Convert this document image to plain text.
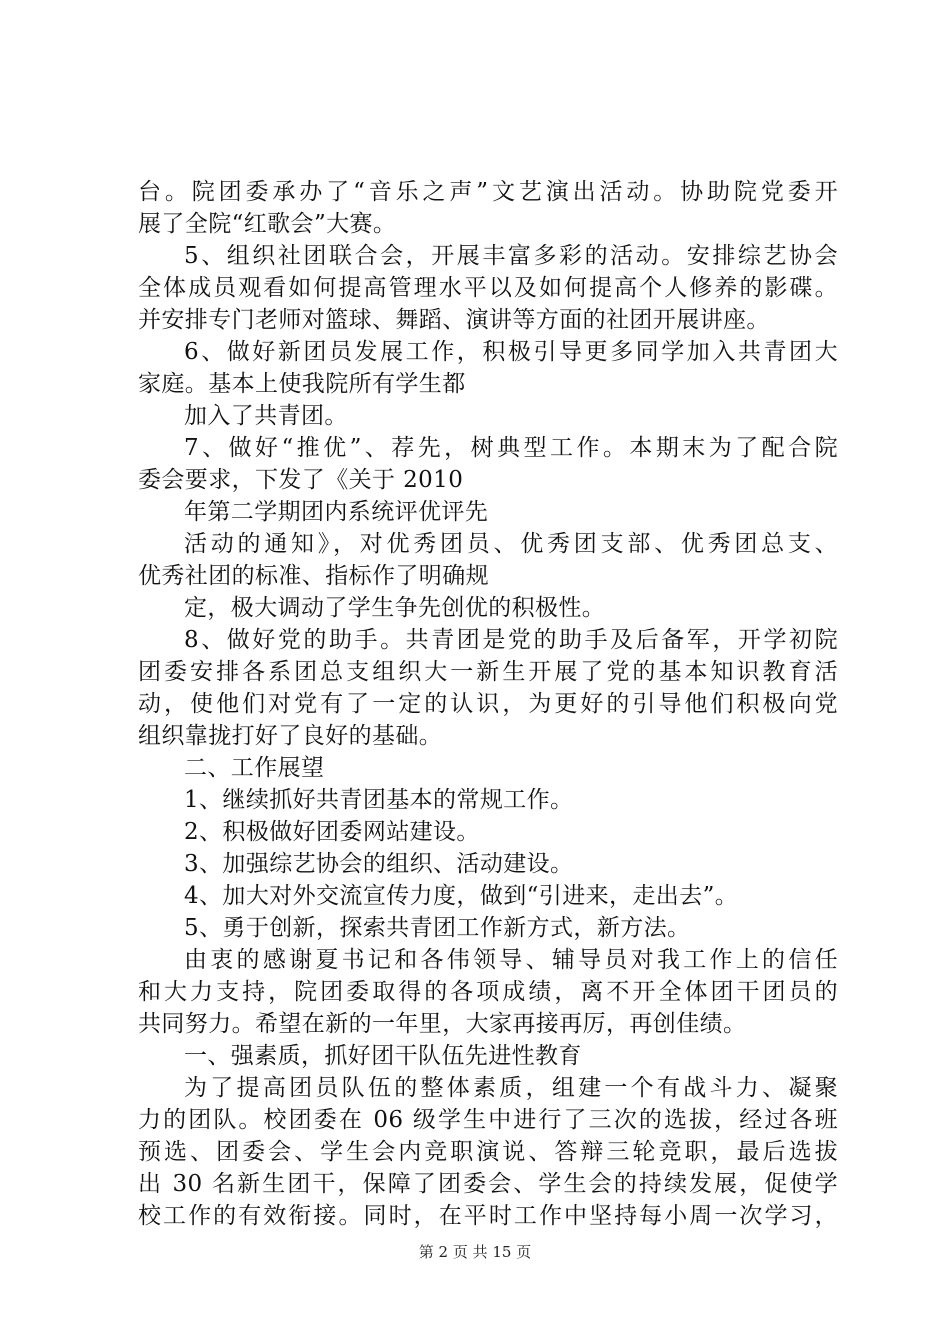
台。院团委承办了“音乐之声”文艺演出活动。协助院党委开
展了全院“红歌会”大赛。
5、组织社团联合会，开展丰富多彩的活动。安排综艺协会
全体成员观看如何提高管理水平以及如何提高个人修养的影碟。
并安排专门老师对篮球、舞蹈、演讲等方面的社团开展讲座。
6、做好新团员发展工作，积极引导更多同学加入共青团大
家庭。基本上使我院所有学生都
加入了共青团。
7、做好“推优”、荐先，树典型工作。本期末为了配合院
委会要求，下发了《关于 2010
年第二学期团内系统评优评先
活动的通知》，对优秀团员、优秀团支部、优秀团总支、
优秀社团的标准、指标作了明确规
定，极大调动了学生争先创优的积极性。
8、做好党的助手。共青团是党的助手及后备军，开学初院
团委安排各系团总支组织大一新生开展了党的基本知识教育活
动，使他们对党有了一定的认识，为更好的引导他们积极向党
组织靠拢打好了良好的基础。
二、工作展望
1、继续抓好共青团基本的常规工作。
2、积极做好团委网站建设。
3、加强综艺协会的组织、活动建设。
4、加大对外交流宣传力度，做到“引进来，走出去”。
5、勇于创新，探索共青团工作新方式，新方法。
由衷的感谢夏书记和各伟领导、辅导员对我工作上的信任
和大力支持，院团委取得的各项成绩，离不开全体团干团员的
共同努力。希望在新的一年里，大家再接再厉，再创佳绩。
一、强素质，抓好团干队伍先进性教育
为了提高团员队伍的整体素质，组建一个有战斗力、凝聚
力的团队。校团委在 06 级学生中进行了三次的选拔，经过各班
预选、团委会、学生会内竞职演说、答辩三轮竞职，最后选拔
出 30 名新生团干，保障了团委会、学生会的持续发展，促使学
校工作的有效衔接。同时，在平时工作中坚持每小周一次学习，
第 2 页 共 15 页
